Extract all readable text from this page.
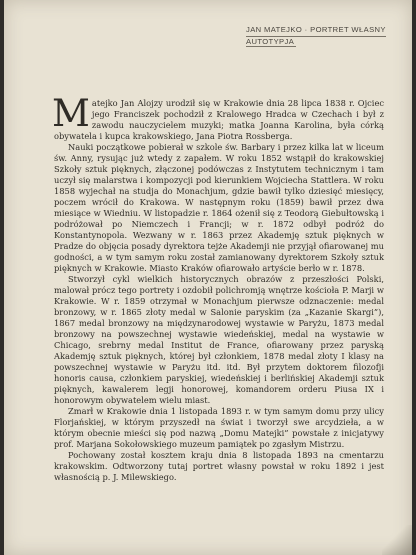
JAN MATEJKO · PORTRET WŁASNY
AUTOTYPJA

Matejko Jan Alojzy urodził się w Krakowie dnia 28 lipca 1838 r. Ojciec jego Franciszek pochodził z Kralowego Hradca w Czechach i był z zawodu nauczycielem muzyki; matka Joanna Karolina, była córką obywatela i kupca krakowskiego, Jana Piotra Rossberga.

Nauki początkowe pobierał w szkole św. Barbary i przez kilka lat w liceum św. Anny, rysując już wtedy z zapałem. W roku 1852 wstąpił do krakowskiej Szkoły sztuk pięknych, złączonej podówczas z Instytutem technicznym i tam uczył się malarstwa i kompozycji pod kierunkiem Wojciecha Stattlera. W roku 1858 wyjechał na studja do Monachjum, gdzie bawił tylko dziesięć miesięcy, poczem wrócił do Krakowa. W następnym roku (1859) bawił przez dwa miesiące w Wiedniu. W listopadzie r. 1864 ożenił się z Teodorą Giebułtowską i podróżował po Niemczech i Francji; w r. 1872 odbył podróż do Konstantynopola. Wezwany w r. 1863 przez Akademję sztuk pięknych w Pradze do objęcia posady dyrektora tejże Akademji nie przyjął ofiarowanej mu godności, a w tym samym roku został zamianowany dyrektorem Szkoły sztuk pięknych w Krakowie. Miasto Kraków ofiarowało artyście berło w r. 1878.

Stworzył cykl wielkich historycznych obrazów z przeszłości Polski, malował prócz tego portrety i ozdobił polichromją wnętrze kościoła P. Marji w Krakowie. W r. 1859 otrzymał w Monachjum pierwsze odznaczenie: medal bronzowy, w r. 1865 złoty medal w Salonie paryskim (za „Kazanie Skargi”), 1867 medal bronzowy na międzynarodowej wystawie w Paryżu, 1873 medal bronzowy na powszechnej wystawie wiedeńskiej, medal na wystawie w Chicago, srebrny medal Institut de France, ofiarowany przez paryską Akademję sztuk pięknych, której był członkiem, 1878 medal złoty I klasy na powszechnej wystawie w Paryżu itd. itd. Był przytem doktorem filozofji honoris causa, członkiem paryskiej, wiedeńskiej i berlińskiej Akademji sztuk pięknych, kawalerem legji honorowej, komandorem orderu Piusa IX i honorowym obywatelem wielu miast.

Zmarł w Krakowie dnia 1 listopada 1893 r. w tym samym domu przy ulicy Florjańskiej, w którym przyszedł na świat i tworzył swe arcydzieła, a w którym obecnie mieści się pod nazwą „Domu Matejki” powstałe z inicjatywy prof. Marjana Sokołowskiego muzeum pamiątek po zgasłym Mistrzu.

Pochowany został kosztem kraju dnia 8 listopada 1893 na cmentarzu krakowskim. Odtworzony tutaj portret własny powstał w roku 1892 i jest własnością p. J. Milewskiego.
